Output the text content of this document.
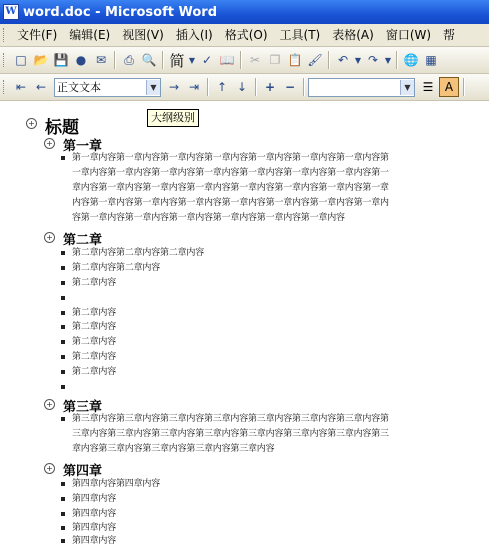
W word.doc - Microsoft Word
文件(F)	编辑(E)	视图(V)	插入(I)	格式(O)	工具(T)	表格(A)	窗口(W)	帮
□ 📂 💾 ● ✉	⎙ 🔍 简 ▼ ✓ 📖	✂ ❐ 📋 🖌	↶ ▼ ↷ ▼ 🌐 ▦
⇤ ← 正文文本	▼	→ ⇥	↑ ↓	+ −	▼	☰ A
+ 标题
+ 第一章
第一章内容第一章内容第一章内容第一章内容第一章内容第一章内容第一章内容第一章内容第一章内容第一章内容第一章内容第一章内容第一章内容第一章内容第一章内容第一章内容第一章内容第一章内容第一章内容第一章内容第一章内容第一章内容第一章内容第一章内容第一章内容第一章内容第一章内容第一章内容第一章内容第一章内容第一章内容第一章内容第一章内容第一章内容第一章内容
+ 第二章
第二章内容第二章内容第二章内容
第二章内容第二章内容
第二章内容
第二章内容
第二章内容
第二章内容
第二章内容
第二章内容
+ 第三章
第三章内容第三章内容第三章内容第三章内容第三章内容第三章内容第三章内容第三章内容第三章内容第三章内容第三章内容第三章内容第三章内容第三章内容第三章内容第三章内容第三章内容第三章内容第三章内容
+ 第四章
第四章内容第四章内容
第四章内容
第四章内容
第四章内容
第四章内容
大纲级别
